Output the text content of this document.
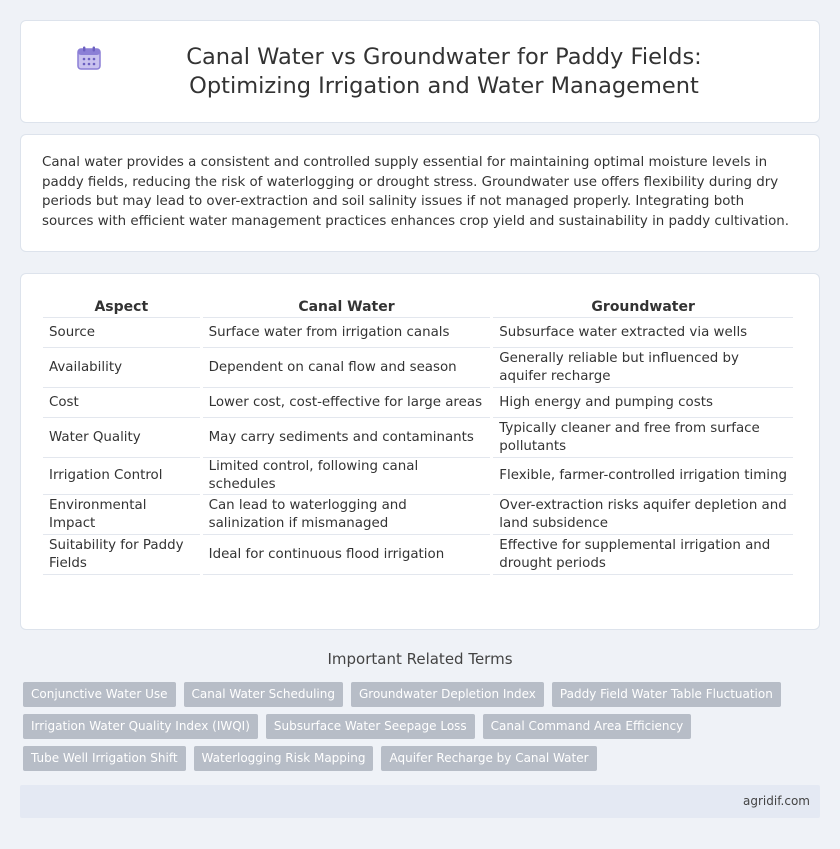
Canal Water vs Groundwater for Paddy Fields: Optimizing Irrigation and Water Management

Canal water provides a consistent and controlled supply essential for maintaining optimal moisture levels in paddy fields, reducing the risk of waterlogging or drought stress. Groundwater use offers flexibility during dry periods but may lead to over-extraction and soil salinity issues if not managed properly. Integrating both sources with efficient water management practices enhances crop yield and sustainability in paddy cultivation.

Aspect	Canal Water	Groundwater
Source	Surface water from irrigation canals	Subsurface water extracted via wells
Availability	Dependent on canal flow and season	Generally reliable but influenced by aquifer recharge
Cost	Lower cost, cost-effective for large areas	High energy and pumping costs
Water Quality	May carry sediments and contaminants	Typically cleaner and free from surface pollutants
Irrigation Control	Limited control, following canal schedules	Flexible, farmer-controlled irrigation timing
Environmental Impact	Can lead to waterlogging and salinization if mismanaged	Over-extraction risks aquifer depletion and land subsidence
Suitability for Paddy Fields	Ideal for continuous flood irrigation	Effective for supplemental irrigation and drought periods
Important Related Terms
Conjunctive Water Use	Canal Water Scheduling	Groundwater Depletion Index	Paddy Field Water Table Fluctuation
Irrigation Water Quality Index (IWQI)	Subsurface Water Seepage Loss	Canal Command Area Efficiency
Tube Well Irrigation Shift	Waterlogging Risk Mapping	Aquifer Recharge by Canal Water
agridif.com
